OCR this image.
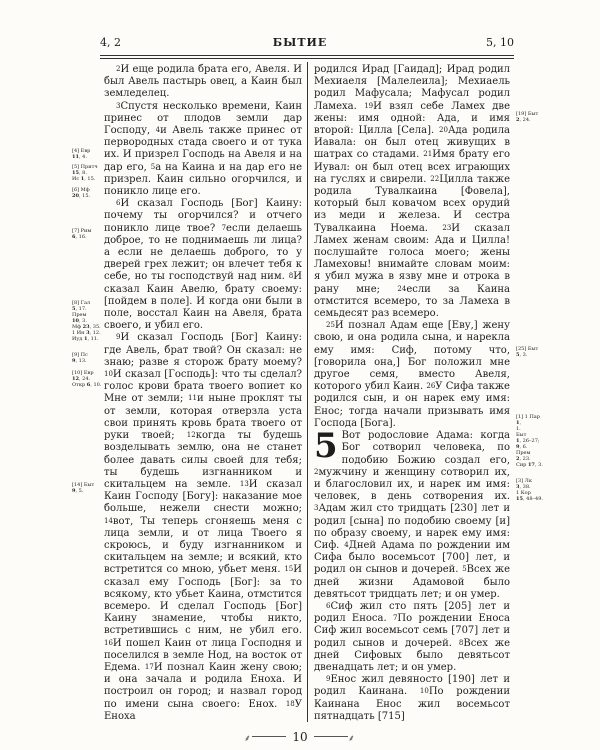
4, 2	БЫТИЕ	5, 10

$^2$И еще родила брата его, Авеля. И был Авель пастырь овец, а Каин был земледелец.

$^3$Спустя несколько времени, Каин принес от плодов земли дар Господу, $^4$и Авель также принес от первородных стада своего и от тука их. И призрел Господь на Авеля и на дар его, $^5$а на Каина и на дар его не призрел. Каин сильно огорчился, и поникло лице его.

$^6$И сказал Господь [Бог] Каину: почему ты огорчился? и отчего поникло лице твое? $^7$если делаешь доброе, то не поднимаешь ли лица? а если не делаешь доброго, то у дверей грех лежит; он влечет тебя к себе, но ты господствуй над ним. $^8$И сказал Каин Авелю, брату своему: [пойдем в поле]. И когда они были в поле, восстал Каин на Авеля, брата своего, и убил его.

$^9$И сказал Господь [Бог] Каину: где Авель, брат твой? Он сказал: не знаю; разве я сторож брату моему? $^{10}$И сказал [Господь]: что ты сделал? голос крови брата твоего вопиет ко Мне от земли; $^{11}$и ныне проклят ты от земли, которая отверзла уста свои принять кровь брата твоего от руки твоей; $^{12}$когда ты будешь возделывать землю, она не станет более давать силы своей для тебя; ты будешь изгнанником и скитальцем на земле. $^{13}$И сказал Каин Господу [Богу]: наказание мое больше, нежели снести можно; $^{14}$вот, Ты теперь сгоняешь меня с лица земли, и от лица Твоего я скроюсь, и буду изгнанником и скитальцем на земле; и всякий, кто встретится со мною, убьет меня. $^{15}$И сказал ему Господь [Бог]: за то всякому, кто убьет Каина, отмстится всемеро. И сделал Господь [Бог] Каину знамение, чтобы никто, встретившись с ним, не убил его. $^{16}$И пошел Каин от лица Господня и поселился в земле Нод, на восток от Едема. $^{17}$И познал Каин жену свою; и она зачала и родила Еноха. И построил он город; и назвал город по имени сына своего: Енох. $^{18}$У Еноха

родился Ирад [Гаидад]; Ирад родил Мехиаеля [Малелеила]; Мехиаель родил Мафусала; Мафусал родил Ламеха. $^{19}$И взял себе Ламех две жены: имя одной: Ада, и имя второй: Цилла [Села]. $^{20}$Ада родила Иавала: он был отец живущих в шатрах со стадами. $^{21}$Имя брату его Иувал: он был отец всех играющих на гуслях и свирели. $^{22}$Цилла также родила Тувалкаина [Фовела], который был ковачом всех орудий из меди и железа. И сестра Тувалкаина Ноема. $^{23}$И сказал Ламех женам своим: Ада и Цилла! послушайте голоса моего; жены Ламеховы! внимайте словам моим: я убил мужа в язву мне и отрока в рану мне; $^{24}$если за Каина отмстится всемеро, то за Ламеха в семьдесят раз всемеро.

$^{25}$И познал Адам еще [Еву,] жену свою, и она родила сына, и нарекла ему имя: Сиф, потому что, [говорила она,] Бог положил мне другое семя, вместо Авеля, которого убил Каин. $^{26}$У Сифа также родился сын, и он нарек ему имя: Енос; тогда начали призывать имя Господа [Бога].

5 Вот родословие Адама: когда Бог сотворил человека, по подобию Божию создал его, $^2$мужчину и женщину сотворил их, и благословил их, и нарек им имя: человек, в день сотворения их. $^3$Адам жил сто тридцать [230] лет и родил [сына] по подобию своему [и] по образу своему, и нарек ему имя: Сиф. $^4$Дней Адама по рождении им Сифа было восемьсот [700] лет, и родил он сынов и дочерей. $^5$Всех же дней жизни Адамовой было девятьсот тридцать лет; и он умер.

$^6$Сиф жил сто пять [205] лет и родил Еноса. $^7$По рождении Еноса Сиф жил восемьсот семь [707] лет и родил сынов и дочерей. $^8$Всех же дней Сифовых было девятьсот двенадцать лет; и он умер.

$^9$Енос жил девяносто [190] лет и родил Каинана. $^{10}$По рождении Каинана Енос жил восемьсот пятнадцать [715]

[4] Евр
11, 4.
[5] Притч
15, 8.
Ис 1, 15.
[6] Мф
20, 15.
[7] Рим
6, 16.
[8] Гал
5, 17.
Прем
10, 3.
Мф 23, 35.
1 Ин 3, 12.
Иуд 1, 11.
[9] Пс
9, 13.
[10] Евр
12, 24.
Откр 6, 10.
[14] Быт
9, 5.
[19] Быт
2, 24.
[25] Быт
5, 3.
[1] 1 Пар
1,
1.
Быт
1, 26–27;
9, 6.
Прем
2, 23.
Сир 17, 3.
[3] Лк
3, 38.
1 Кор
15, 48–49.
⸙	10	⸙
